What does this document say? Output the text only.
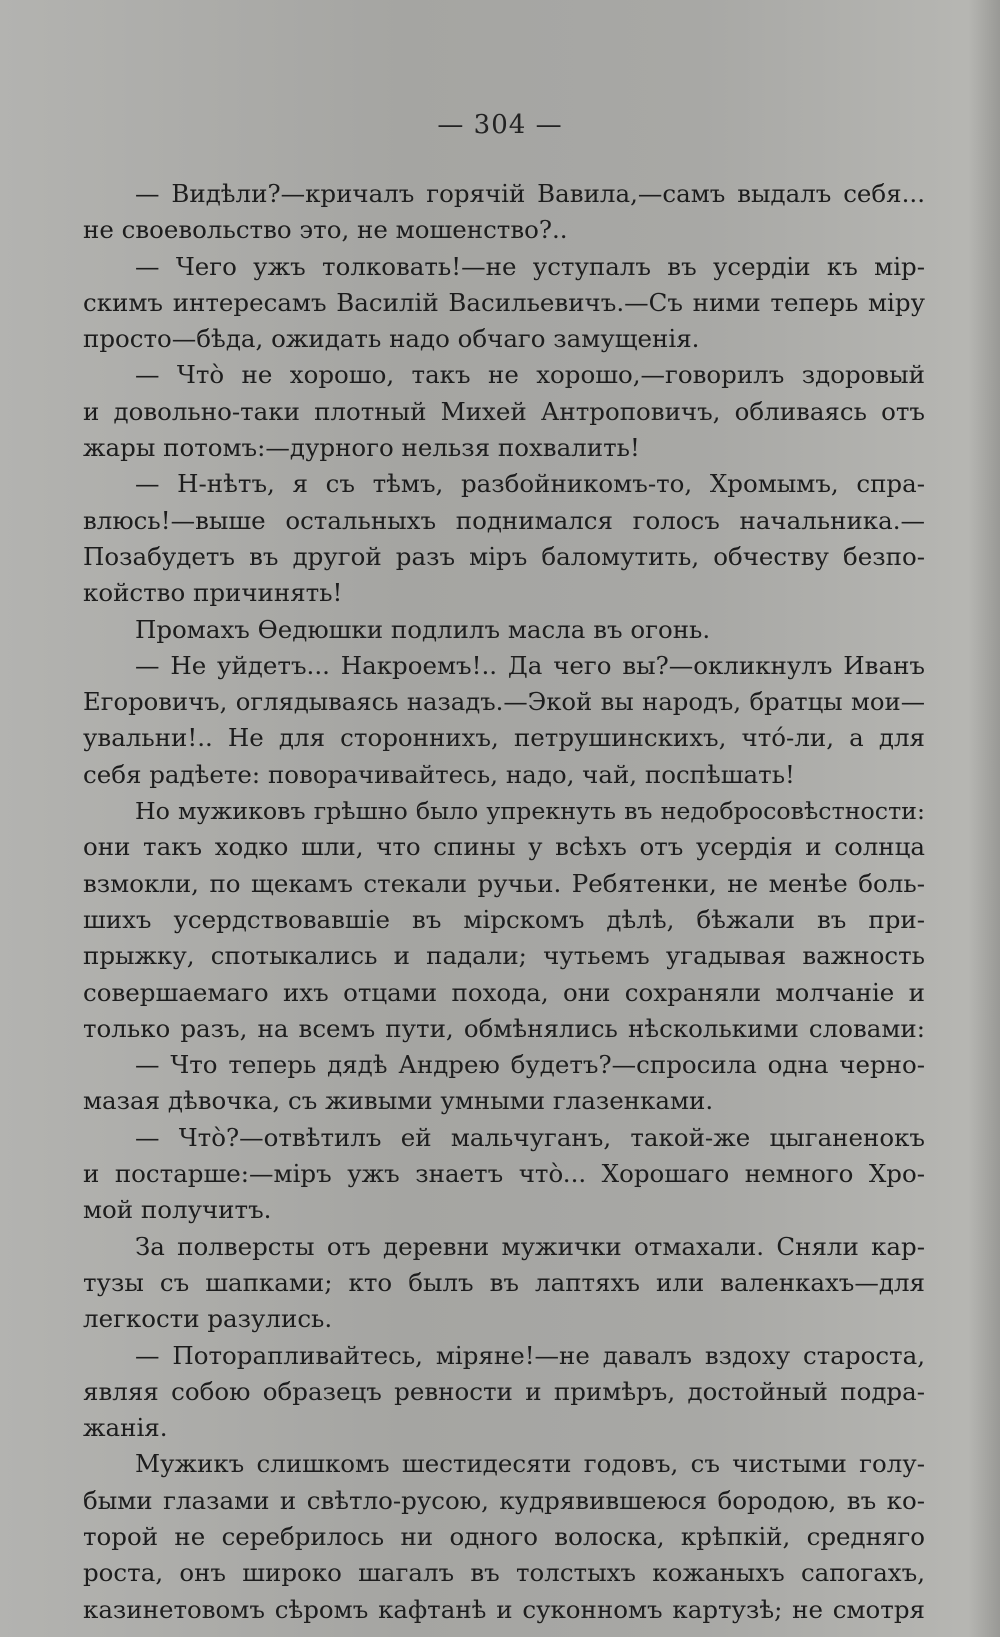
— 304 —
— Видѣли?—кричалъ горячій Вавила,—самъ выдалъ себя...
не своевольство это, не мошенство?..
— Чего ужъ толковать!—не уступалъ въ усердіи къ мір-
скимъ интересамъ Василій Васильевичъ.—Съ ними теперь міру
просто—бѣда, ожидать надо обчаго замущенія.
— Чтò не хорошо, такъ не хорошо,—говорилъ здоровый
и довольно-таки плотный Михей Антроповичъ, обливаясь отъ
жары потомъ:—дурного нельзя похвалить!
— Н-нѣтъ, я съ тѣмъ, разбойникомъ-то, Хромымъ, спра-
влюсь!—выше остальныхъ поднимался голосъ начальника.—
Позабудетъ въ другой разъ міръ баломутить, обчеству безпо-
койство причинять!
Промахъ Ѳедюшки подлилъ масла въ огонь.
— Не уйдетъ... Накроемъ!.. Да чего вы?—окликнулъ Иванъ
Егоровичъ, оглядываясь назадъ.—Экой вы народъ, братцы мои—
увальни!.. Не для стороннихъ, петрушинскихъ, чтó-ли, а для
себя радѣете: поворачивайтесь, надо, чай, поспѣшать!
Но мужиковъ грѣшно было упрекнуть въ недобросовѣстности:
они такъ ходко шли, что спины у всѣхъ отъ усердія и солнца
взмокли, по щекамъ стекали ручьи. Ребятенки, не менѣе боль-
шихъ усердствовавшіе въ мірскомъ дѣлѣ, бѣжали въ при-
прыжку, спотыкались и падали; чутьемъ угадывая важность
совершаемаго ихъ отцами похода, они сохраняли молчаніе и
только разъ, на всемъ пути, обмѣнялись нѣсколькими словами:
— Что теперь дядѣ Андрею будетъ?—спросила одна черно-
мазая дѣвочка, съ живыми умными глазенками.
— Чтò?—отвѣтилъ ей мальчуганъ, такой-же цыганенокъ
и постарше:—міръ ужъ знаетъ чтò... Хорошаго немного Хро-
мой получитъ.
За полверсты отъ деревни мужички отмахали. Сняли кар-
тузы съ шапками; кто былъ въ лаптяхъ или валенкахъ—для
легкости разулись.
— Поторапливайтесь, міряне!—не давалъ вздоху староста,
являя собою образецъ ревности и примѣръ, достойный подра-
жанія.
Мужикъ слишкомъ шестидесяти годовъ, съ чистыми голу-
быми глазами и свѣтло-русою, кудрявившеюся бородою, въ ко-
торой не серебрилось ни одного волоска, крѣпкій, средняго
роста, онъ широко шагалъ въ толстыхъ кожаныхъ сапогахъ,
казинетовомъ сѣромъ кафтанѣ и суконномъ картузѣ; не смотря
